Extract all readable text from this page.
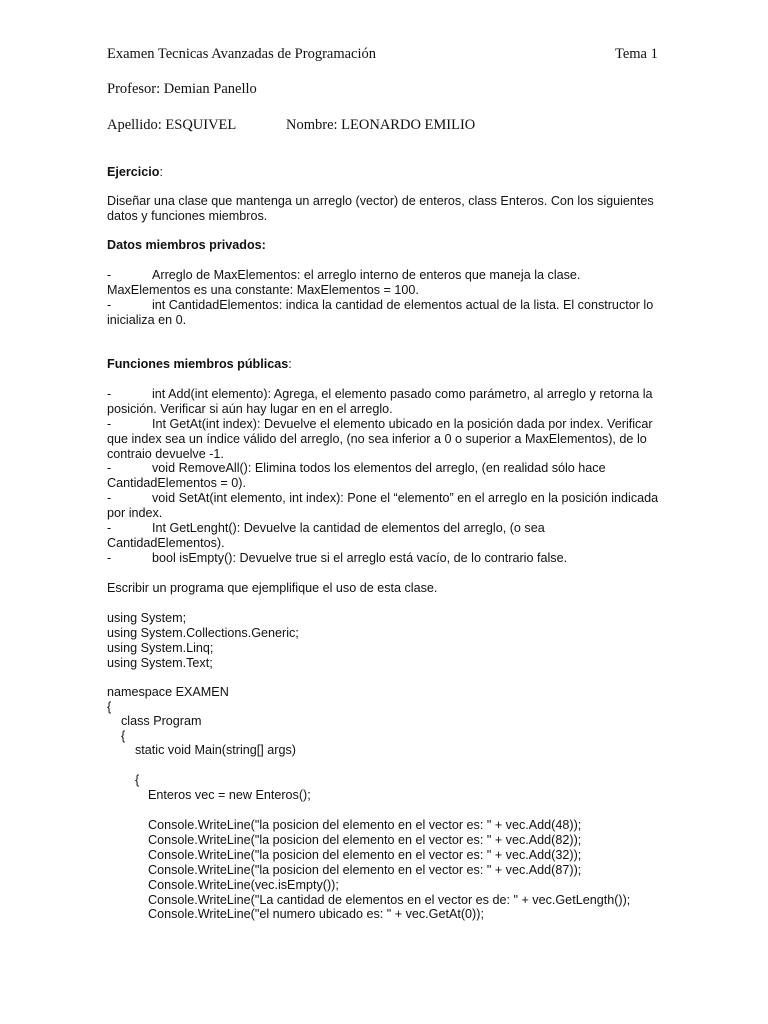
Examen Tecnicas Avanzadas de Programación	Tema 1
Profesor: Demian Panello
Apellido: ESQUIVEL	Nombre: LEONARDO EMILIO
Ejercicio:
Diseñar una clase que mantenga un arreglo (vector) de enteros, class Enteros. Con los siguientes
datos y funciones miembros.
Datos miembros privados:
-	Arreglo de MaxElementos: el arreglo interno de enteros que maneja la clase.
MaxElementos es una constante: MaxElementos = 100.
-	int CantidadElementos: indica la cantidad de elementos actual de la lista. El constructor lo
inicializa en 0.
Funciones miembros públicas:
-	int Add(int elemento): Agrega, el elemento pasado como parámetro, al arreglo y retorna la
posición. Verificar si aún hay lugar en en el arreglo.
-	Int GetAt(int index): Devuelve el elemento ubicado en la posición dada por index. Verificar
que index sea un índice válido del arreglo, (no sea inferior a 0 o superior a MaxElementos), de lo
contraio devuelve -1.
-	void RemoveAll(): Elimina todos los elementos del arreglo, (en realidad sólo hace
CantidadElementos = 0).
-	void SetAt(int elemento, int index): Pone el “elemento” en el arreglo en la posición indicada
por index.
-	Int GetLenght(): Devuelve la cantidad de elementos del arreglo, (o sea
CantidadElementos).
-	bool isEmpty(): Devuelve true si el arreglo está vacío, de lo contrario false.
Escribir un programa que ejemplifique el uso de esta clase.
using System;
using System.Collections.Generic;
using System.Linq;
using System.Text;
namespace EXAMEN
{
class Program
{
static void Main(string[] args)
{
Enteros vec = new Enteros();
Console.WriteLine("la posicion del elemento en el vector es: " + vec.Add(48));
Console.WriteLine("la posicion del elemento en el vector es: " + vec.Add(82));
Console.WriteLine("la posicion del elemento en el vector es: " + vec.Add(32));
Console.WriteLine("la posicion del elemento en el vector es: " + vec.Add(87));
Console.WriteLine(vec.isEmpty());
Console.WriteLine("La cantidad de elementos en el vector es de: " + vec.GetLength());
Console.WriteLine("el numero ubicado es: " + vec.GetAt(0));
